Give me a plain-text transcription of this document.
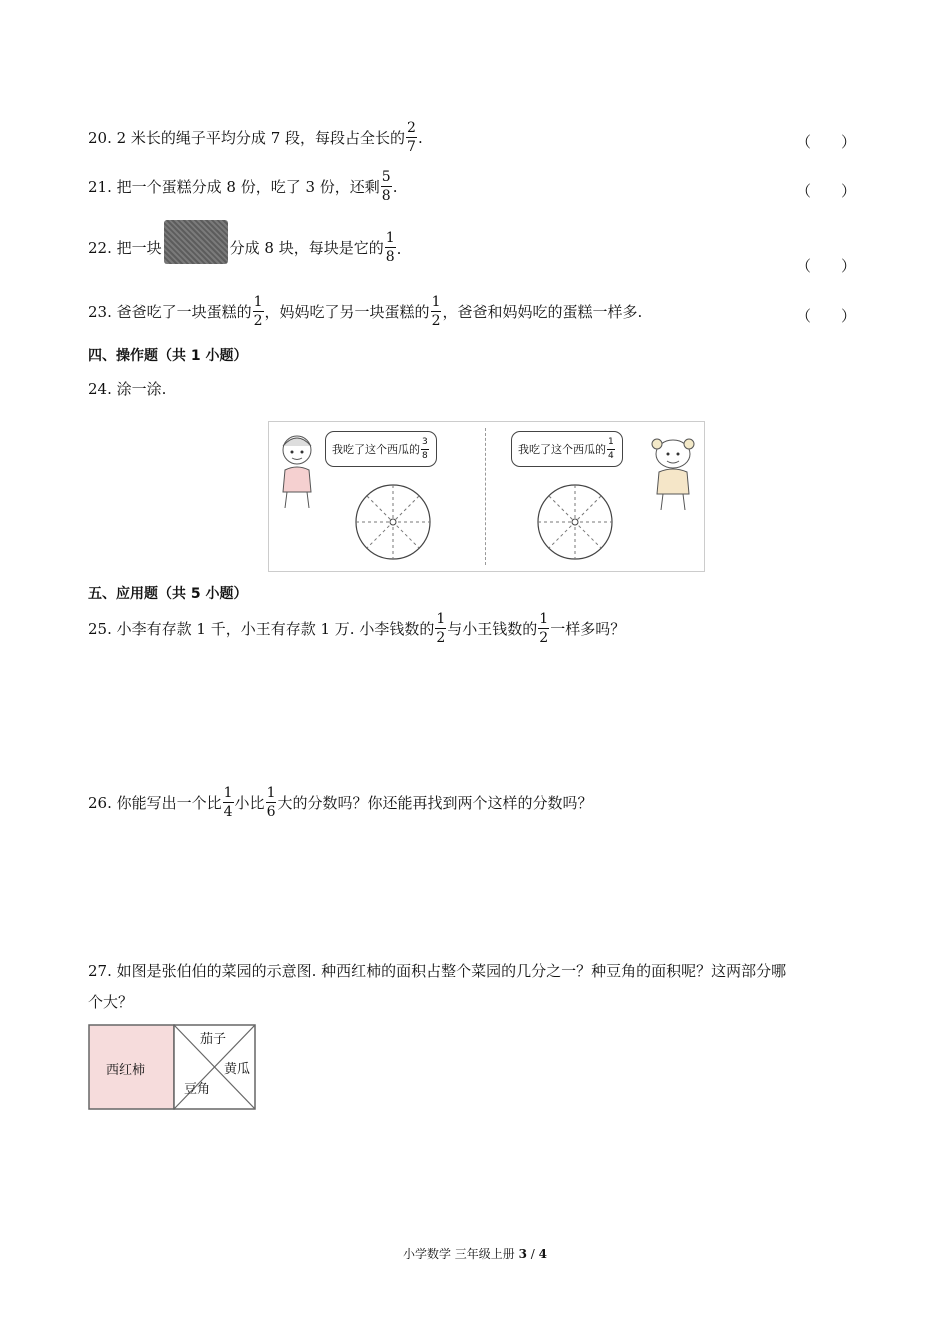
20. 2 米长的绳子平均分成 7 段，每段占全长的 $\frac{2}{7}$ .	（ ）
21. 把一个蛋糕分成 8 份，吃了 3 份，还剩 $\frac{5}{8}$ .	（ ）
22. 把一块	分成 8 块，每块是它的 $\frac{1}{8}$ .
（ ）
23. 爸爸吃了一块蛋糕的 $\frac{1}{2}$ ，妈妈吃了另一块蛋糕的 $\frac{1}{2}$ ，爸爸和妈妈吃的蛋糕一样多.	（ ）
四、操作题（共 1 小题）
24. 涂一涂.
我吃了这个西瓜的 $\frac{3}{8}$	我吃了这个西瓜的 $\frac{1}{4}$
五、应用题（共 5 小题）
25. 小李有存款 1 千，小王有存款 1 万. 小李钱数的 $\frac{1}{2}$ 与小王钱数的 $\frac{1}{2}$ 一样多吗？
26. 你能写出一个比 $\frac{1}{4}$ 小比 $\frac{1}{6}$ 大的分数吗？你还能再找到两个这样的分数吗？
27. 如图是张伯伯的菜园的示意图. 种西红柿的面积占整个菜园的几分之一？种豆角的面积呢？这两部分哪
个大？
西红柿
茄子
黄瓜
豆角
小学数学 三年级上册 3 / 4
